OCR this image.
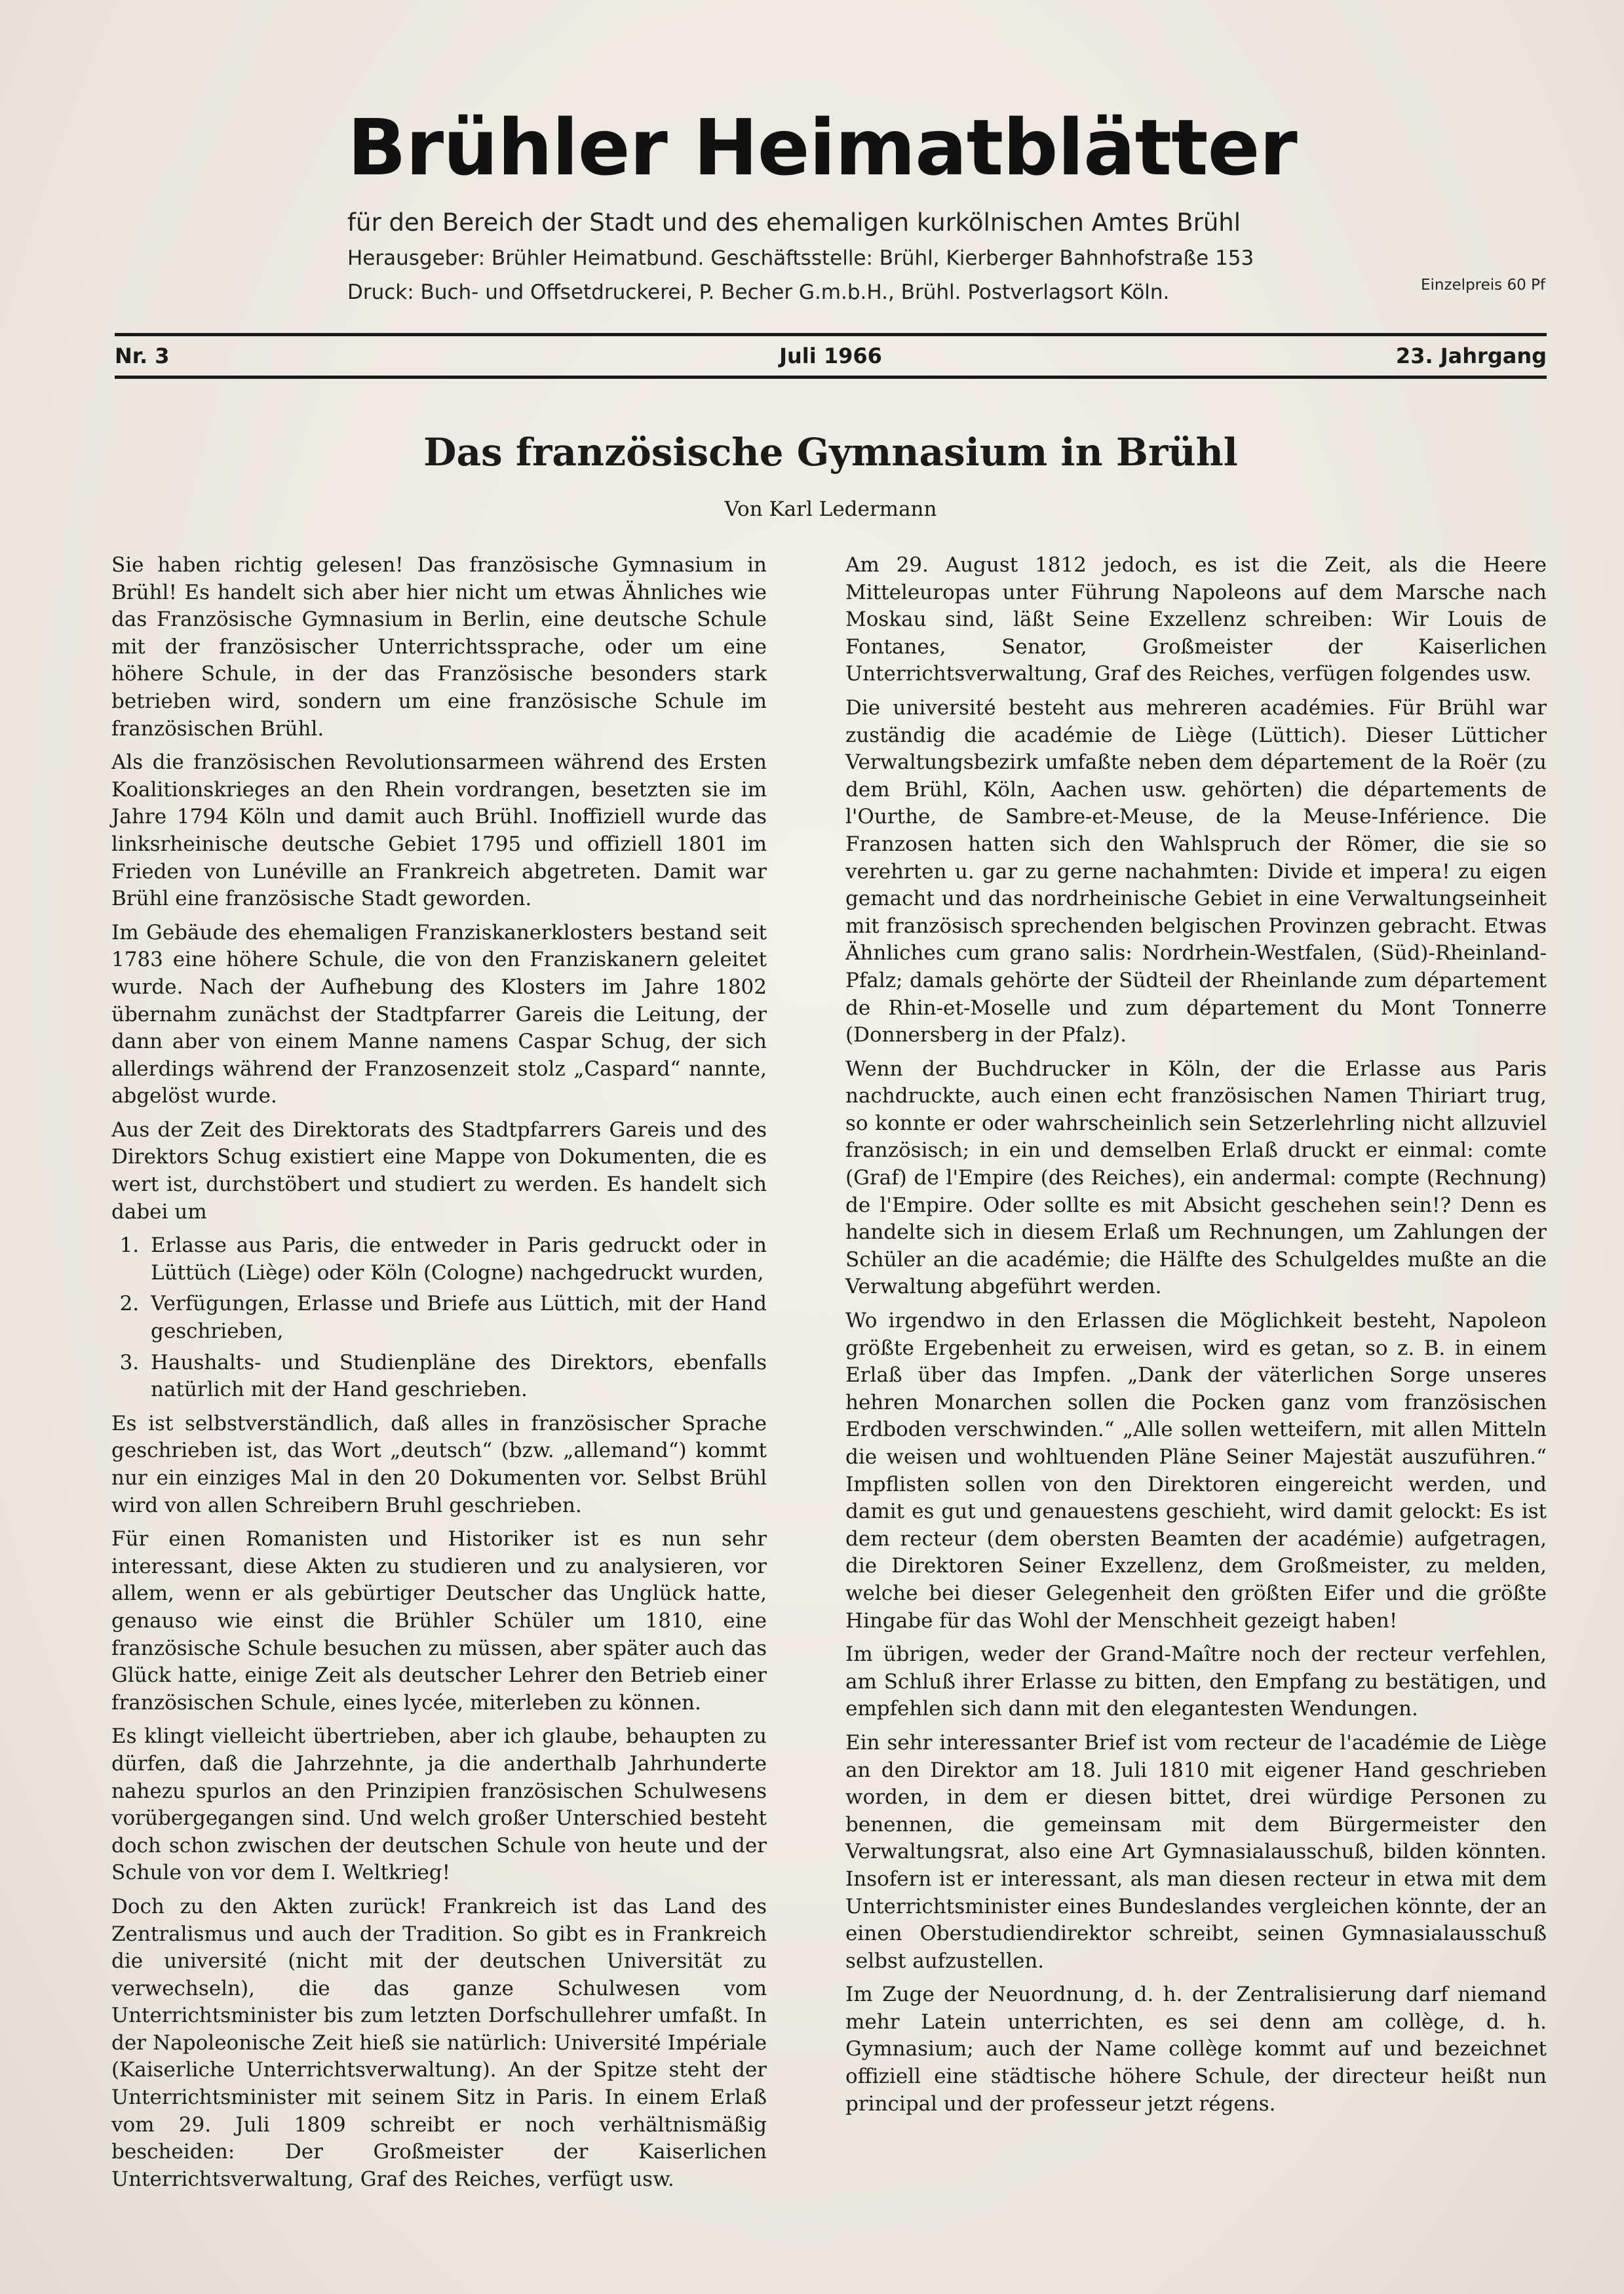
Brühler Heimatblätter
für den Bereich der Stadt und des ehemaligen kurkölnischen Amtes Brühl
Herausgeber: Brühler Heimatbund. Geschäftsstelle: Brühl, Kierberger Bahnhofstraße 153
Druck: Buch- und Offsetdruckerei, P. Becher G.m.b.H., Brühl. Postverlagsort Köln.	Einzelpreis 60 Pf
Nr. 3	Juli 1966	23. Jahrgang
Das französische Gymnasium in Brühl
Von Karl Ledermann

Sie haben richtig gelesen! Das französische Gymnasium in Brühl! Es handelt sich aber hier nicht um etwas Ähnliches wie das Französische Gymnasium in Berlin, eine deutsche Schule mit der französischer Unterrichtssprache, oder um eine höhere Schule, in der das Französische besonders stark betrieben wird, sondern um eine französische Schule im französischen Brühl.

Als die französischen Revolutionsarmeen während des Ersten Koalitionskrieges an den Rhein vordrangen, besetzten sie im Jahre 1794 Köln und damit auch Brühl. Inoffiziell wurde das linksrheinische deutsche Gebiet 1795 und offiziell 1801 im Frieden von Lunéville an Frankreich abgetreten. Damit war Brühl eine französische Stadt geworden.

Im Gebäude des ehemaligen Franziskanerklosters bestand seit 1783 eine höhere Schule, die von den Franziskanern geleitet wurde. Nach der Aufhebung des Klosters im Jahre 1802 übernahm zunächst der Stadtpfarrer Gareis die Leitung, der dann aber von einem Manne namens Caspar Schug, der sich allerdings während der Franzosenzeit stolz „Caspard“ nannte, abgelöst wurde.

Aus der Zeit des Direktorats des Stadtpfarrers Gareis und des Direktors Schug existiert eine Mappe von Dokumenten, die es wert ist, durchstöbert und studiert zu werden. Es handelt sich dabei um

1. Erlasse aus Paris, die entweder in Paris gedruckt oder in Lüttüch (Liège) oder Köln (Cologne) nachgedruckt wurden,
2. Verfügungen, Erlasse und Briefe aus Lüttich, mit der Hand geschrieben,
3. Haushalts- und Studienpläne des Direktors, ebenfalls natürlich mit der Hand geschrieben.

Es ist selbstverständlich, daß alles in französischer Sprache geschrieben ist, das Wort „deutsch“ (bzw. „allemand“) kommt nur ein einziges Mal in den 20 Dokumenten vor. Selbst Brühl wird von allen Schreibern Bruhl geschrieben.

Für einen Romanisten und Historiker ist es nun sehr interessant, diese Akten zu studieren und zu analysieren, vor allem, wenn er als gebürtiger Deutscher das Unglück hatte, genauso wie einst die Brühler Schüler um 1810, eine französische Schule besuchen zu müssen, aber später auch das Glück hatte, einige Zeit als deutscher Lehrer den Betrieb einer französischen Schule, eines lycée, miterleben zu können.

Es klingt vielleicht übertrieben, aber ich glaube, behaupten zu dürfen, daß die Jahrzehnte, ja die anderthalb Jahrhunderte nahezu spurlos an den Prinzipien französischen Schulwesens vorübergegangen sind. Und welch großer Unterschied besteht doch schon zwischen der deutschen Schule von heute und der Schule von vor dem I. Weltkrieg!

Doch zu den Akten zurück! Frankreich ist das Land des Zentralismus und auch der Tradition. So gibt es in Frankreich die université (nicht mit der deutschen Universität zu verwechseln), die das ganze Schulwesen vom Unterrichtsminister bis zum letzten Dorfschullehrer umfaßt. In der Napoleonische Zeit hieß sie natürlich: Université Impériale (Kaiserliche Unterrichtsverwaltung). An der Spitze steht der Unterrichtsminister mit seinem Sitz in Paris. In einem Erlaß vom 29. Juli 1809 schreibt er noch verhältnismäßig bescheiden: Der Großmeister der Kaiserlichen Unterrichtsverwaltung, Graf des Reiches, verfügt usw.

Am 29. August 1812 jedoch, es ist die Zeit, als die Heere Mitteleuropas unter Führung Napoleons auf dem Marsche nach Moskau sind, läßt Seine Exzellenz schreiben: Wir Louis de Fontanes, Senator, Großmeister der Kaiserlichen Unterrichtsverwaltung, Graf des Reiches, verfügen folgendes usw.

Die université besteht aus mehreren académies. Für Brühl war zuständig die académie de Liège (Lüttich). Dieser Lütticher Verwaltungsbezirk umfaßte neben dem département de la Roër (zu dem Brühl, Köln, Aachen usw. gehörten) die départements de l'Ourthe, de Sambre-et-Meuse, de la Meuse-Inférience. Die Franzosen hatten sich den Wahlspruch der Römer, die sie so verehrten u. gar zu gerne nachahmten: Divide et impera! zu eigen gemacht und das nordrheinische Gebiet in eine Verwaltungseinheit mit französisch sprechenden belgischen Provinzen gebracht. Etwas Ähnliches cum grano salis: Nordrhein-Westfalen, (Süd)-Rheinland-Pfalz; damals gehörte der Südteil der Rheinlande zum département de Rhin-et-Moselle und zum département du Mont Tonnerre (Donnersberg in der Pfalz).

Wenn der Buchdrucker in Köln, der die Erlasse aus Paris nachdruckte, auch einen echt französischen Namen Thiriart trug, so konnte er oder wahrscheinlich sein Setzerlehrling nicht allzuviel französisch; in ein und demselben Erlaß druckt er einmal: comte (Graf) de l'Empire (des Reiches), ein andermal: compte (Rechnung) de l'Empire. Oder sollte es mit Absicht geschehen sein!? Denn es handelte sich in diesem Erlaß um Rechnungen, um Zahlungen der Schüler an die académie; die Hälfte des Schulgeldes mußte an die Verwaltung abgeführt werden.

Wo irgendwo in den Erlassen die Möglichkeit besteht, Napoleon größte Ergebenheit zu erweisen, wird es getan, so z. B. in einem Erlaß über das Impfen. „Dank der väterlichen Sorge unseres hehren Monarchen sollen die Pocken ganz vom französischen Erdboden verschwinden.“ „Alle sollen wetteifern, mit allen Mitteln die weisen und wohltuenden Pläne Seiner Majestät auszuführen.“ Impflisten sollen von den Direktoren eingereicht werden, und damit es gut und genauestens geschieht, wird damit gelockt: Es ist dem recteur (dem obersten Beamten der académie) aufgetragen, die Direktoren Seiner Exzellenz, dem Großmeister, zu melden, welche bei dieser Gelegenheit den größten Eifer und die größte Hingabe für das Wohl der Menschheit gezeigt haben!

Im übrigen, weder der Grand-Maître noch der recteur verfehlen, am Schluß ihrer Erlasse zu bitten, den Empfang zu bestätigen, und empfehlen sich dann mit den elegantesten Wendungen.

Ein sehr interessanter Brief ist vom recteur de l'académie de Liège an den Direktor am 18. Juli 1810 mit eigener Hand geschrieben worden, in dem er diesen bittet, drei würdige Personen zu benennen, die gemeinsam mit dem Bürgermeister den Verwaltungsrat, also eine Art Gymnasialausschuß, bilden könnten. Insofern ist er interessant, als man diesen recteur in etwa mit dem Unterrichtsminister eines Bundeslandes vergleichen könnte, der an einen Oberstudiendirektor schreibt, seinen Gymnasialausschuß selbst aufzustellen.

Im Zuge der Neuordnung, d. h. der Zentralisierung darf niemand mehr Latein unterrichten, es sei denn am collège, d. h. Gymnasium; auch der Name collège kommt auf und bezeichnet offiziell eine städtische höhere Schule, der directeur heißt nun principal und der professeur jetzt régens.
